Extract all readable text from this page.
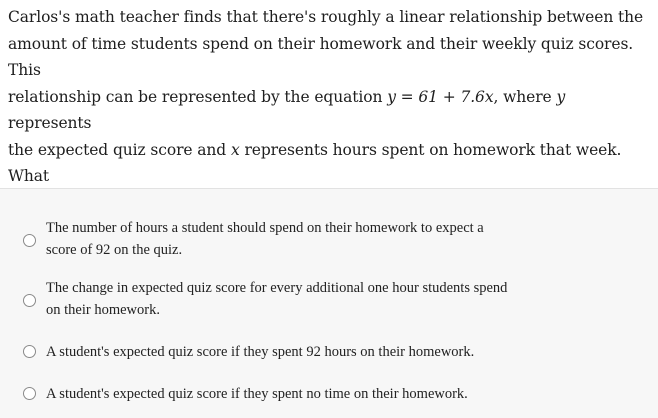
Carlos's math teacher finds that there's roughly a linear relationship between the
amount of time students spend on their homework and their weekly quiz scores. This
relationship can be represented by the equation y = 61 + 7.6x, where y represents
the expected quiz score and x represents hours spent on homework that week. What
The number of hours a student should spend on their homework to expect a
score of 92 on the quiz.
The change in expected quiz score for every additional one hour students spend
on their homework.
A student's expected quiz score if they spent 92 hours on their homework.
A student's expected quiz score if they spent no time on their homework.
